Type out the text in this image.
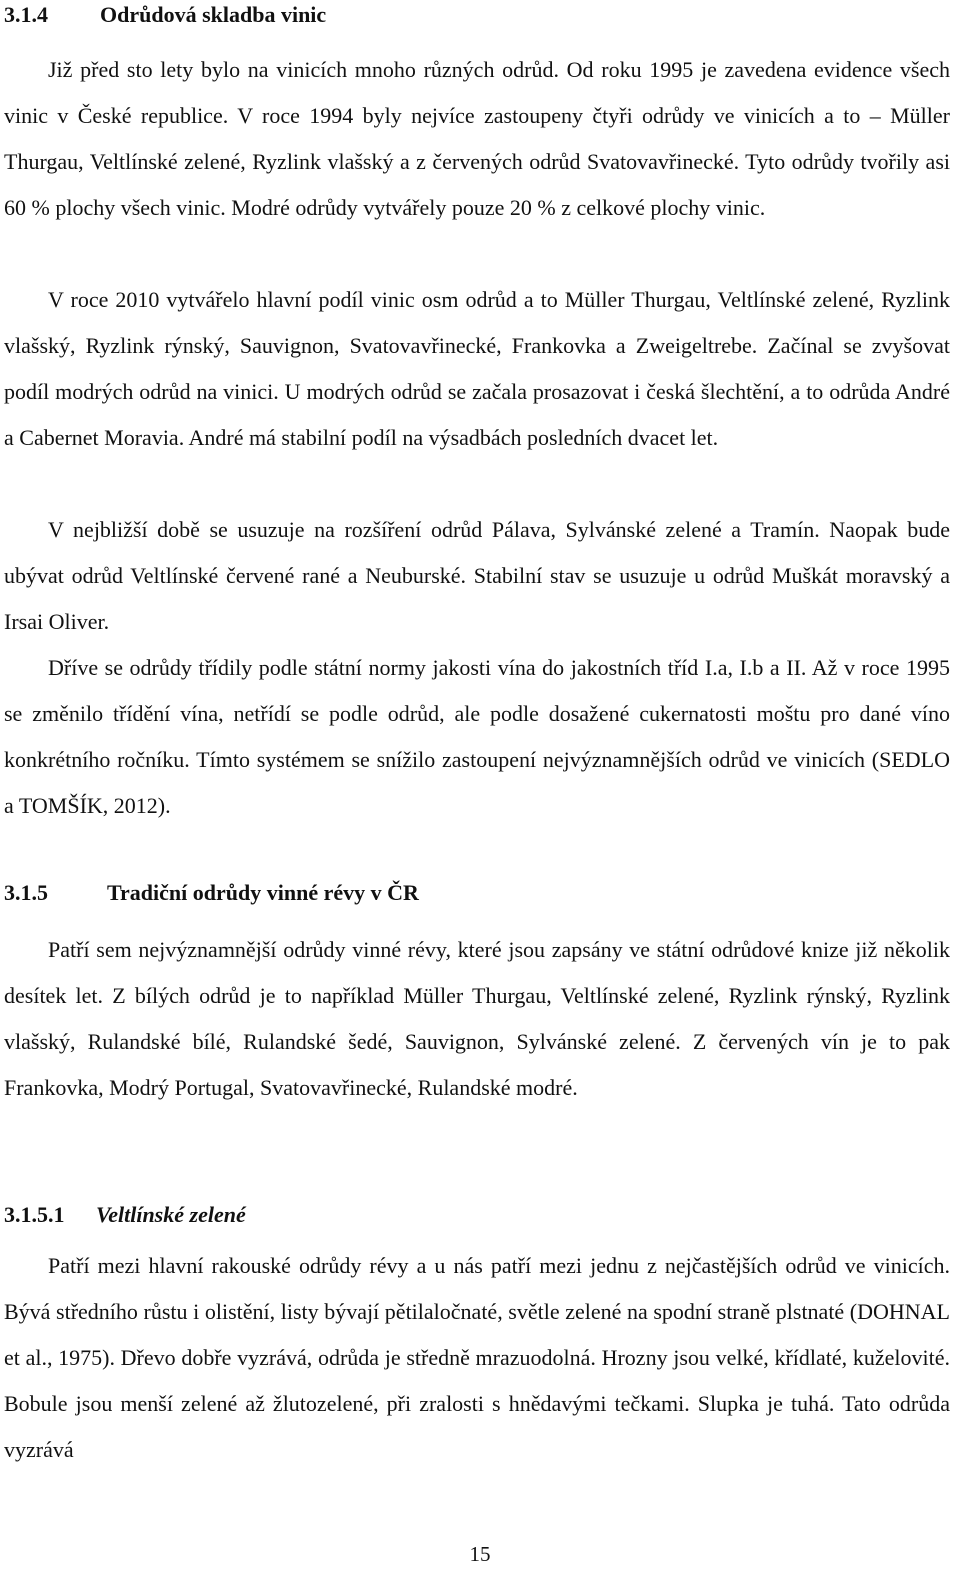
3.1.4 Odrůdová skladba vinic

Již před sto lety bylo na vinicích mnoho různých odrůd. Od roku 1995 je zavedena evidence všech vinic v České republice. V roce 1994 byly nejvíce zastoupeny čtyři odrůdy ve vinicích a to – Müller Thurgau, Veltlínské zelené, Ryzlink vlašský a z červených odrůd Svatovavřinecké. Tyto odrůdy tvořily asi 60 % plochy všech vinic. Modré odrůdy vytvářely pouze 20 % z celkové plochy vinic.

V roce 2010 vytvářelo hlavní podíl vinic osm odrůd a to Müller Thurgau, Veltlínské zelené, Ryzlink vlašský, Ryzlink rýnský, Sauvignon, Svatovavřinecké, Frankovka a Zweigeltrebe. Začínal se zvyšovat podíl modrých odrůd na vinici. U modrých odrůd se začala prosazovat i česká šlechtění, a to odrůda André a Cabernet Moravia. André má stabilní podíl na výsadbách posledních dvacet let.

V nejbližší době se usuzuje na rozšíření odrůd Pálava, Sylvánské zelené a Tramín. Naopak bude ubývat odrůd Veltlínské červené rané a Neuburské. Stabilní stav se usuzuje u odrůd Muškát moravský a Irsai Oliver.

Dříve se odrůdy třídily podle státní normy jakosti vína do jakostních tříd I.a, I.b a II. Až v roce 1995 se změnilo třídění vína, netřídí se podle odrůd, ale podle dosažené cukernatosti moštu pro dané víno konkrétního ročníku. Tímto systémem se snížilo zastoupení nejvýznamnějších odrůd ve vinicích (SEDLO a TOMŠÍK, 2012).

3.1.5	Tradiční odrůdy vinné révy v ČR

Patří sem nejvýznamnější odrůdy vinné révy, které jsou zapsány ve státní odrůdové knize již několik desítek let. Z bílých odrůd je to například Müller Thurgau, Veltlínské zelené, Ryzlink rýnský, Ryzlink vlašský, Rulandské bílé, Rulandské šedé, Sauvignon, Sylvánské zelené. Z červených vín je to pak Frankovka, Modrý Portugal, Svatovavřinecké, Rulandské modré.

3.1.5.1 Veltlínské zelené

Patří mezi hlavní rakouské odrůdy révy a u nás patří mezi jednu z nejčastějších odrůd ve vinicích. Bývá středního růstu i olistění, listy bývají pětilaločnaté, světle zelené na spodní straně plstnaté (DOHNAL et al., 1975). Dřevo dobře vyzrává, odrůda je středně mrazuodolná. Hrozny jsou velké, křídlaté, kuželovité. Bobule jsou menší zelené až žlutozelené, při zralosti s hnědavými tečkami. Slupka je tuhá. Tato odrůda vyzrává

15
